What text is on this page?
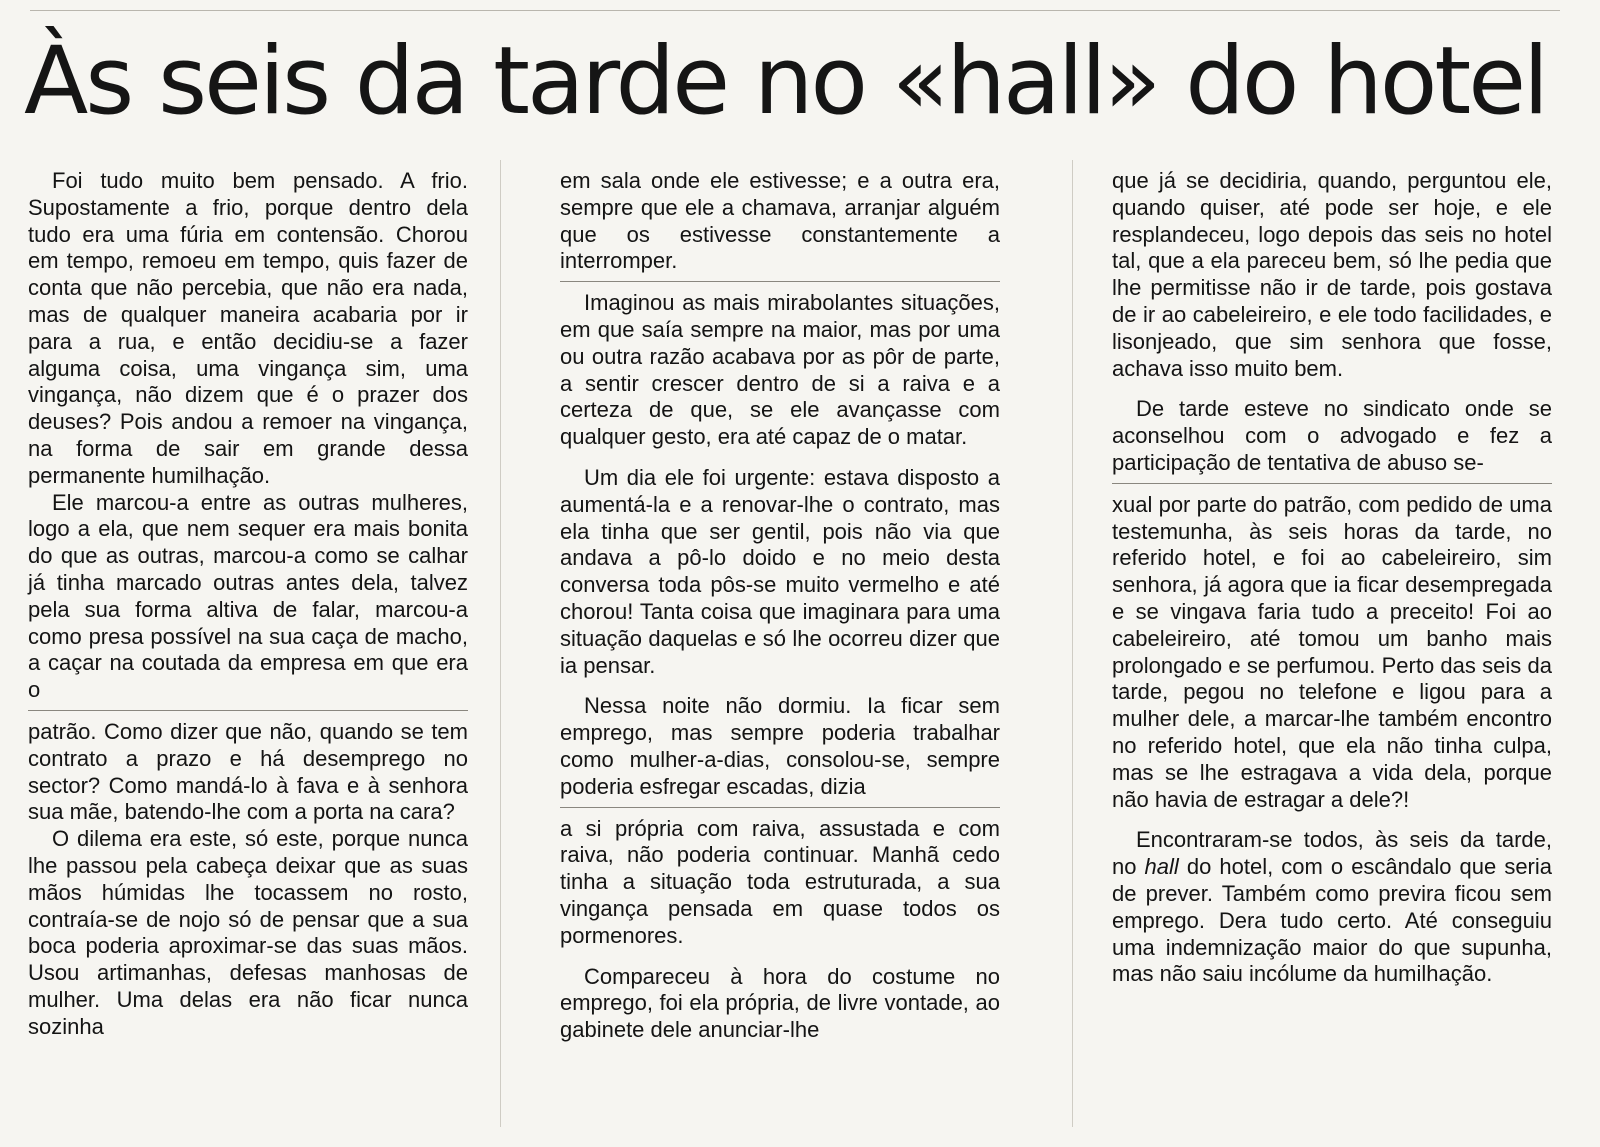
Às seis da tarde no «hall» do hotel

Foi tudo muito bem pensado. A frio. Supostamente a frio, porque dentro dela tudo era uma fúria em contensão. Chorou em tempo, remoeu em tempo, quis fazer de conta que não percebia, que não era nada, mas de qualquer maneira acabaria por ir para a rua, e então decidiu-se a fazer alguma coisa, uma vingança sim, uma vingança, não dizem que é o prazer dos deuses? Pois andou a remoer na vingança, na forma de sair em grande dessa permanente humilhação.

Ele marcou-a entre as outras mulheres, logo a ela, que nem sequer era mais bonita do que as outras, marcou-a como se calhar já tinha marcado outras antes dela, talvez pela sua forma altiva de falar, marcou-a como presa possível na sua caça de macho, a caçar na coutada da empresa em que era o

patrão. Como dizer que não, quando se tem contrato a prazo e há desemprego no sector? Como mandá-lo à fava e à senhora sua mãe, batendo-lhe com a porta na cara?

O dilema era este, só este, porque nunca lhe passou pela cabeça deixar que as suas mãos húmidas lhe tocassem no rosto, contraía-se de nojo só de pensar que a sua boca poderia aproximar-se das suas mãos. Usou artimanhas, defesas manhosas de mulher. Uma delas era não ficar nunca sozinha

em sala onde ele estivesse; e a outra era, sempre que ele a chamava, arranjar alguém que os estivesse constantemente a interromper.

Imaginou as mais mirabolantes situações, em que saía sempre na maior, mas por uma ou outra razão acabava por as pôr de parte, a sentir crescer dentro de si a raiva e a certeza de que, se ele avançasse com qualquer gesto, era até capaz de o matar.

Um dia ele foi urgente: estava disposto a aumentá-la e a renovar-lhe o contrato, mas ela tinha que ser gentil, pois não via que andava a pô-lo doido e no meio desta conversa toda pôs-se muito vermelho e até chorou! Tanta coisa que imaginara para uma situação daquelas e só lhe ocorreu dizer que ia pensar.

Nessa noite não dormiu. Ia ficar sem emprego, mas sempre poderia trabalhar como mulher-a-dias, consolou-se, sempre poderia esfregar escadas, dizia

a si própria com raiva, assustada e com raiva, não poderia continuar. Manhã cedo tinha a situação toda estruturada, a sua vingança pensada em quase todos os pormenores.

Compareceu à hora do costume no emprego, foi ela própria, de livre vontade, ao gabinete dele anunciar-lhe

que já se decidiria, quando, perguntou ele, quando quiser, até pode ser hoje, e ele resplandeceu, logo depois das seis no hotel tal, que a ela pareceu bem, só lhe pedia que lhe permitisse não ir de tarde, pois gostava de ir ao cabeleireiro, e ele todo facilidades, e lisonjeado, que sim senhora que fosse, achava isso muito bem.

De tarde esteve no sindicato onde se aconselhou com o advogado e fez a participação de tentativa de abuso se-

xual por parte do patrão, com pedido de uma testemunha, às seis horas da tarde, no referido hotel, e foi ao cabeleireiro, sim senhora, já agora que ia ficar desempregada e se vingava faria tudo a preceito! Foi ao cabeleireiro, até tomou um banho mais prolongado e se perfumou. Perto das seis da tarde, pegou no telefone e ligou para a mulher dele, a marcar-lhe também encontro no referido hotel, que ela não tinha culpa, mas se lhe estragava a vida dela, porque não havia de estragar a dele?!

Encontraram-se todos, às seis da tarde, no hall do hotel, com o escândalo que seria de prever. Também como previra ficou sem emprego. Dera tudo certo. Até conseguiu uma indemnização maior do que supunha, mas não saiu incólume da humilhação.
